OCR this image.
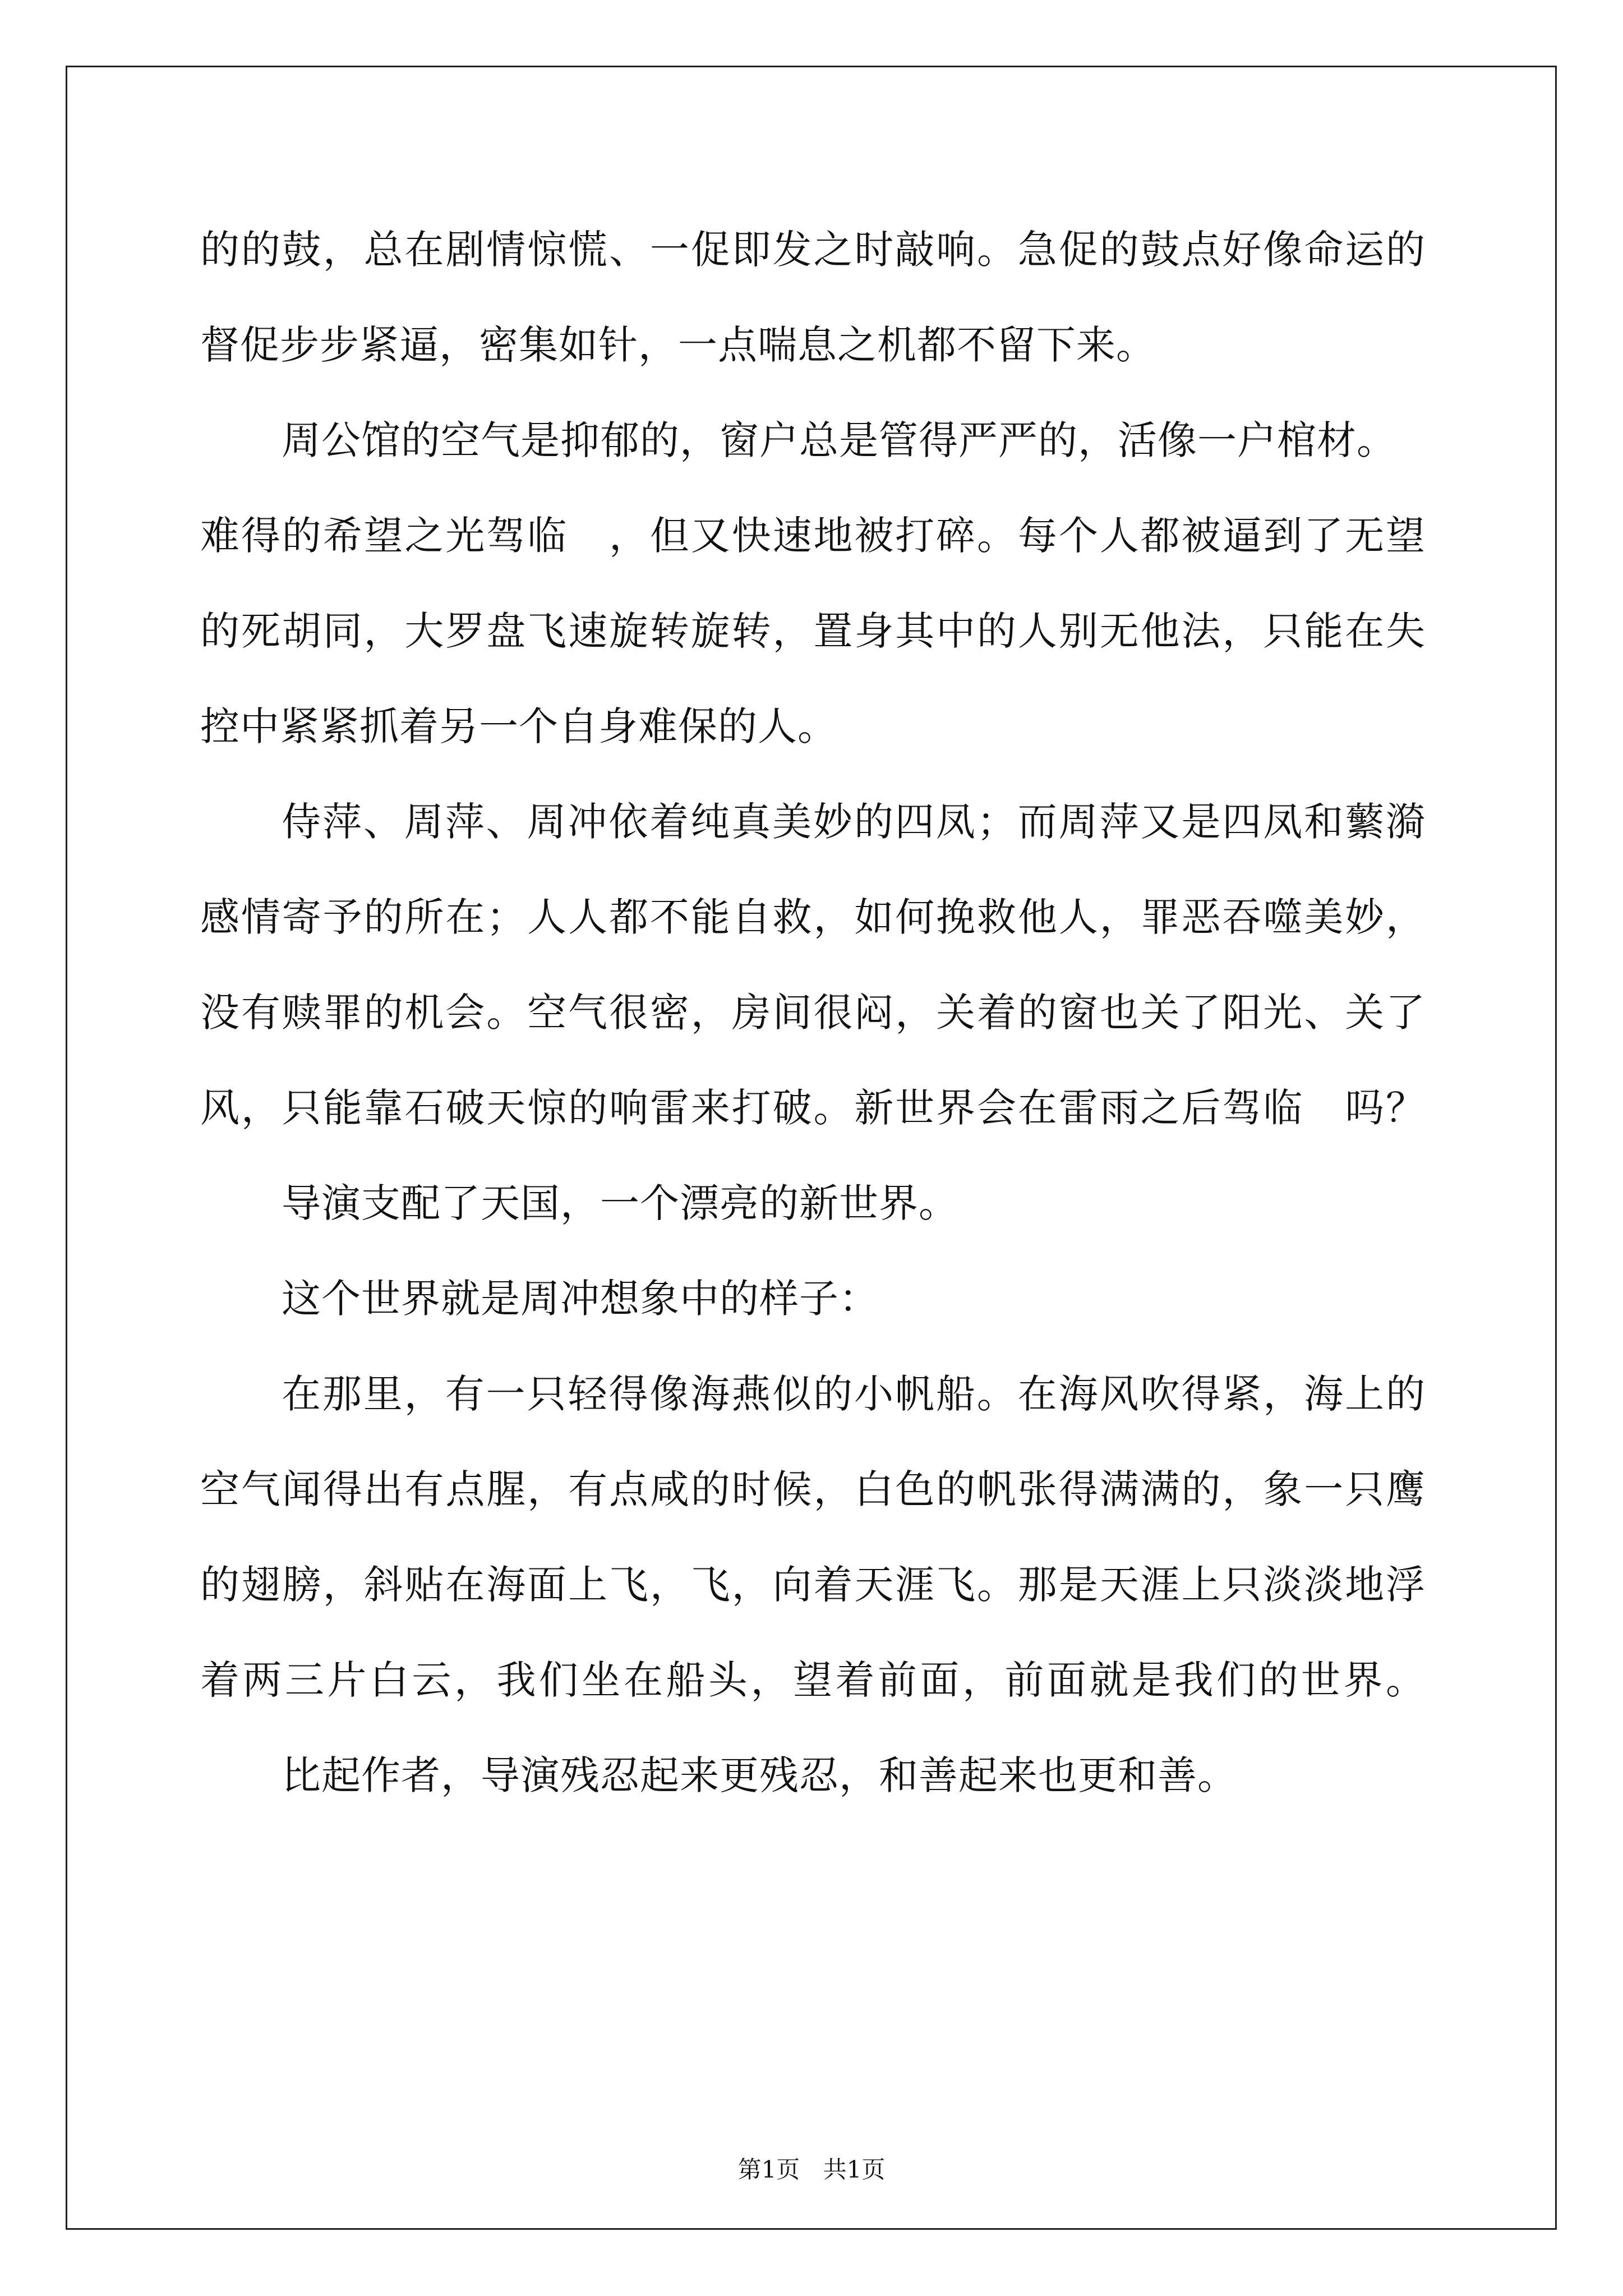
的的鼓，总在剧情惊慌、一促即发之时敲响。急促的鼓点好像命运的
督促步步紧逼，密集如针，一点喘息之机都不留下来。
周公馆的空气是抑郁的，窗户总是管得严严的，活像一户棺材。
难得的希望之光驾临　，但又快速地被打碎。每个人都被逼到了无望
的死胡同，大罗盘飞速旋转旋转，置身其中的人别无他法，只能在失
控中紧紧抓着另一个自身难保的人。
侍萍、周萍、周冲依着纯真美妙的四凤；而周萍又是四凤和蘩漪
感情寄予的所在；人人都不能自救，如何挽救他人，罪恶吞噬美妙，
没有赎罪的机会。空气很密，房间很闷，关着的窗也关了阳光、关了
风，只能靠石破天惊的响雷来打破。新世界会在雷雨之后驾临　吗？
导演支配了天国，一个漂亮的新世界。
这个世界就是周冲想象中的样子：
在那里，有一只轻得像海燕似的小帆船。在海风吹得紧，海上的
空气闻得出有点腥，有点咸的时候，白色的帆张得满满的，象一只鹰
的翅膀，斜贴在海面上飞，飞，向着天涯飞。那是天涯上只淡淡地浮
着两三片白云，我们坐在船头，望着前面，前面就是我们的世界。
比起作者，导演残忍起来更残忍，和善起来也更和善。
第1页 共1页
